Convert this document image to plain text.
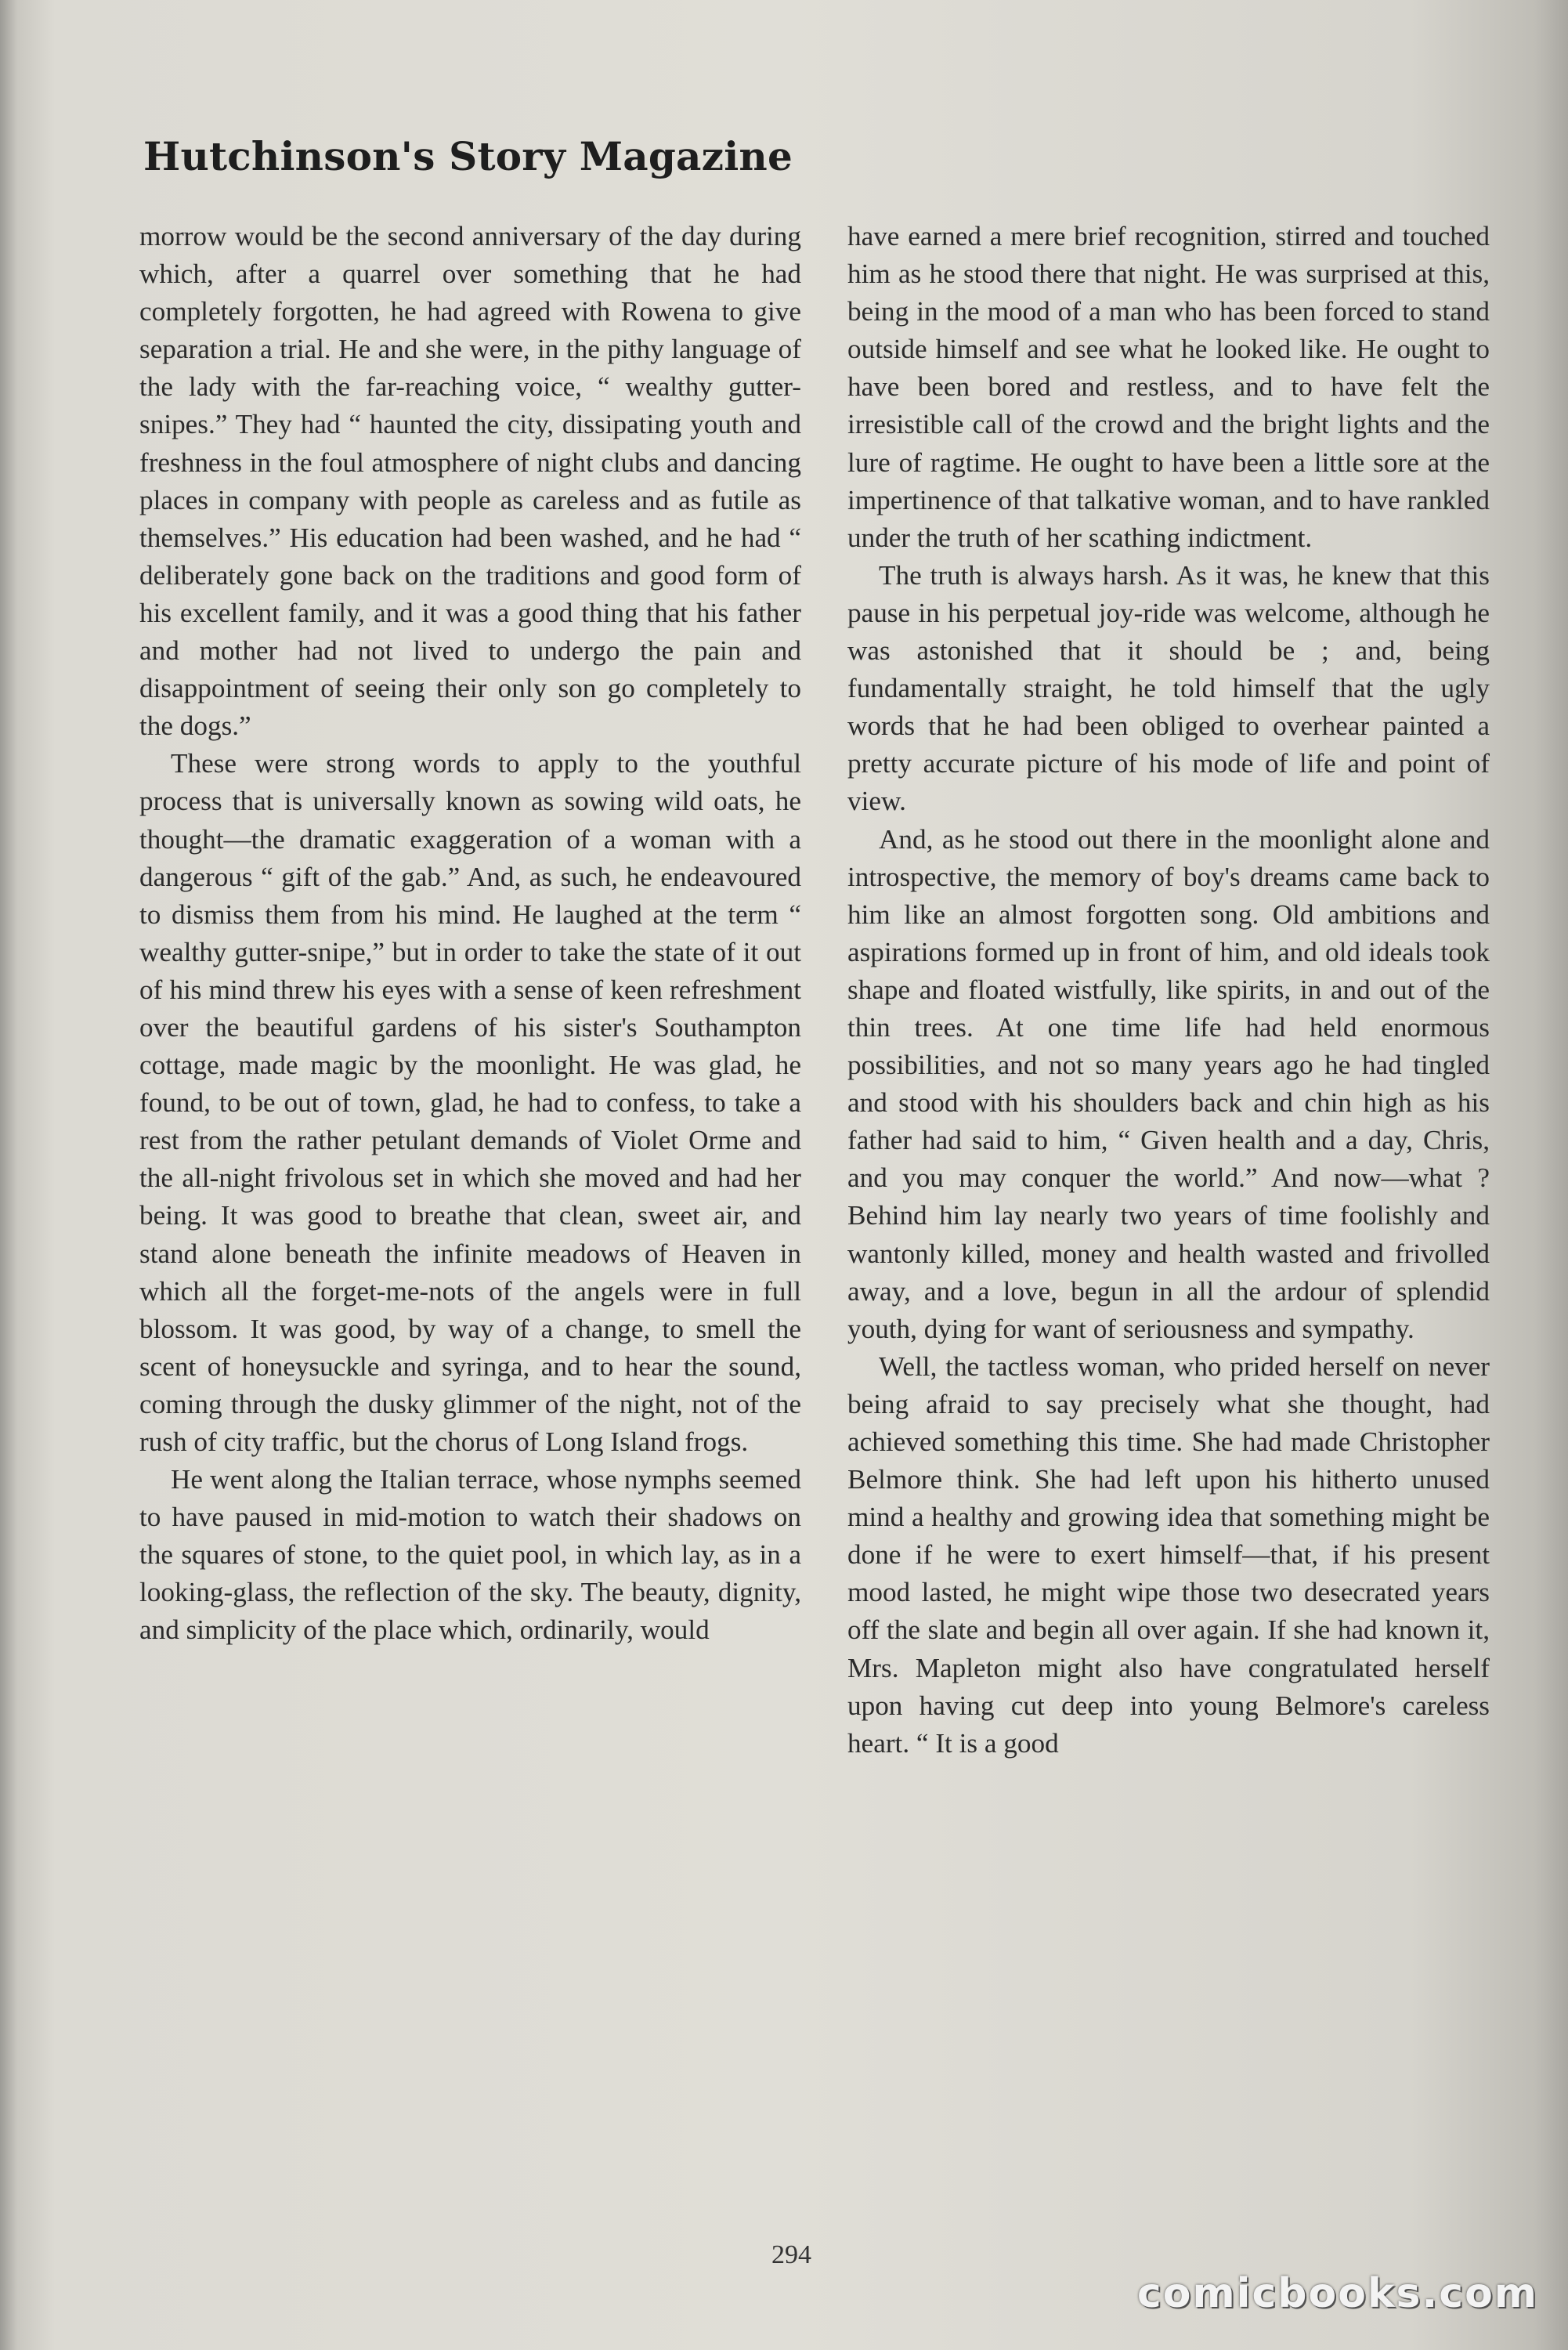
Hutchinson's Story Magazine

morrow would be the second anniversary of the day during which, after a quarrel over something that he had completely forgotten, he had agreed with Rowena to give separation a trial. He and she were, in the pithy language of the lady with the far-reaching voice, “ wealthy gutter-snipes.” They had “ haunted the city, dissipating youth and freshness in the foul atmosphere of night clubs and dancing places in company with people as careless and as futile as themselves.” His education had been washed, and he had “ deliberately gone back on the traditions and good form of his excellent family, and it was a good thing that his father and mother had not lived to undergo the pain and disappointment of seeing their only son go completely to the dogs.”

These were strong words to apply to the youthful process that is universally known as sowing wild oats, he thought—the dramatic exaggeration of a woman with a dangerous “ gift of the gab.” And, as such, he endeavoured to dismiss them from his mind. He laughed at the term “ wealthy gutter-snipe,” but in order to take the state of it out of his mind threw his eyes with a sense of keen refreshment over the beautiful gardens of his sister's Southampton cottage, made magic by the moonlight. He was glad, he found, to be out of town, glad, he had to confess, to take a rest from the rather petulant demands of Violet Orme and the all-night frivolous set in which she moved and had her being. It was good to breathe that clean, sweet air, and stand alone beneath the infinite meadows of Heaven in which all the forget-me-nots of the angels were in full blossom. It was good, by way of a change, to smell the scent of honeysuckle and syringa, and to hear the sound, coming through the dusky glimmer of the night, not of the rush of city traffic, but the chorus of Long Island frogs.

He went along the Italian terrace, whose nymphs seemed to have paused in mid-motion to watch their shadows on the squares of stone, to the quiet pool, in which lay, as in a looking-glass, the reflection of the sky. The beauty, dignity, and simplicity of the place which, ordinarily, would

have earned a mere brief recognition, stirred and touched him as he stood there that night. He was surprised at this, being in the mood of a man who has been forced to stand outside himself and see what he looked like. He ought to have been bored and restless, and to have felt the irresistible call of the crowd and the bright lights and the lure of ragtime. He ought to have been a little sore at the impertinence of that talkative woman, and to have rankled under the truth of her scathing indictment.

The truth is always harsh. As it was, he knew that this pause in his perpetual joy-ride was welcome, although he was astonished that it should be ; and, being fundamentally straight, he told himself that the ugly words that he had been obliged to overhear painted a pretty accurate picture of his mode of life and point of view.

And, as he stood out there in the moonlight alone and introspective, the memory of boy's dreams came back to him like an almost forgotten song. Old ambitions and aspirations formed up in front of him, and old ideals took shape and floated wistfully, like spirits, in and out of the thin trees. At one time life had held enormous possibilities, and not so many years ago he had tingled and stood with his shoulders back and chin high as his father had said to him, “ Given health and a day, Chris, and you may conquer the world.” And now—what ? Behind him lay nearly two years of time foolishly and wantonly killed, money and health wasted and frivolled away, and a love, begun in all the ardour of splendid youth, dying for want of seriousness and sympathy.

Well, the tactless woman, who prided herself on never being afraid to say precisely what she thought, had achieved something this time. She had made Christopher Belmore think. She had left upon his hitherto unused mind a healthy and growing idea that something might be done if he were to exert himself—that, if his present mood lasted, he might wipe those two desecrated years off the slate and begin all over again. If she had known it, Mrs. Mapleton might also have congratulated herself upon having cut deep into young Belmore's careless heart. “ It is a good

294
comicbooks.com
